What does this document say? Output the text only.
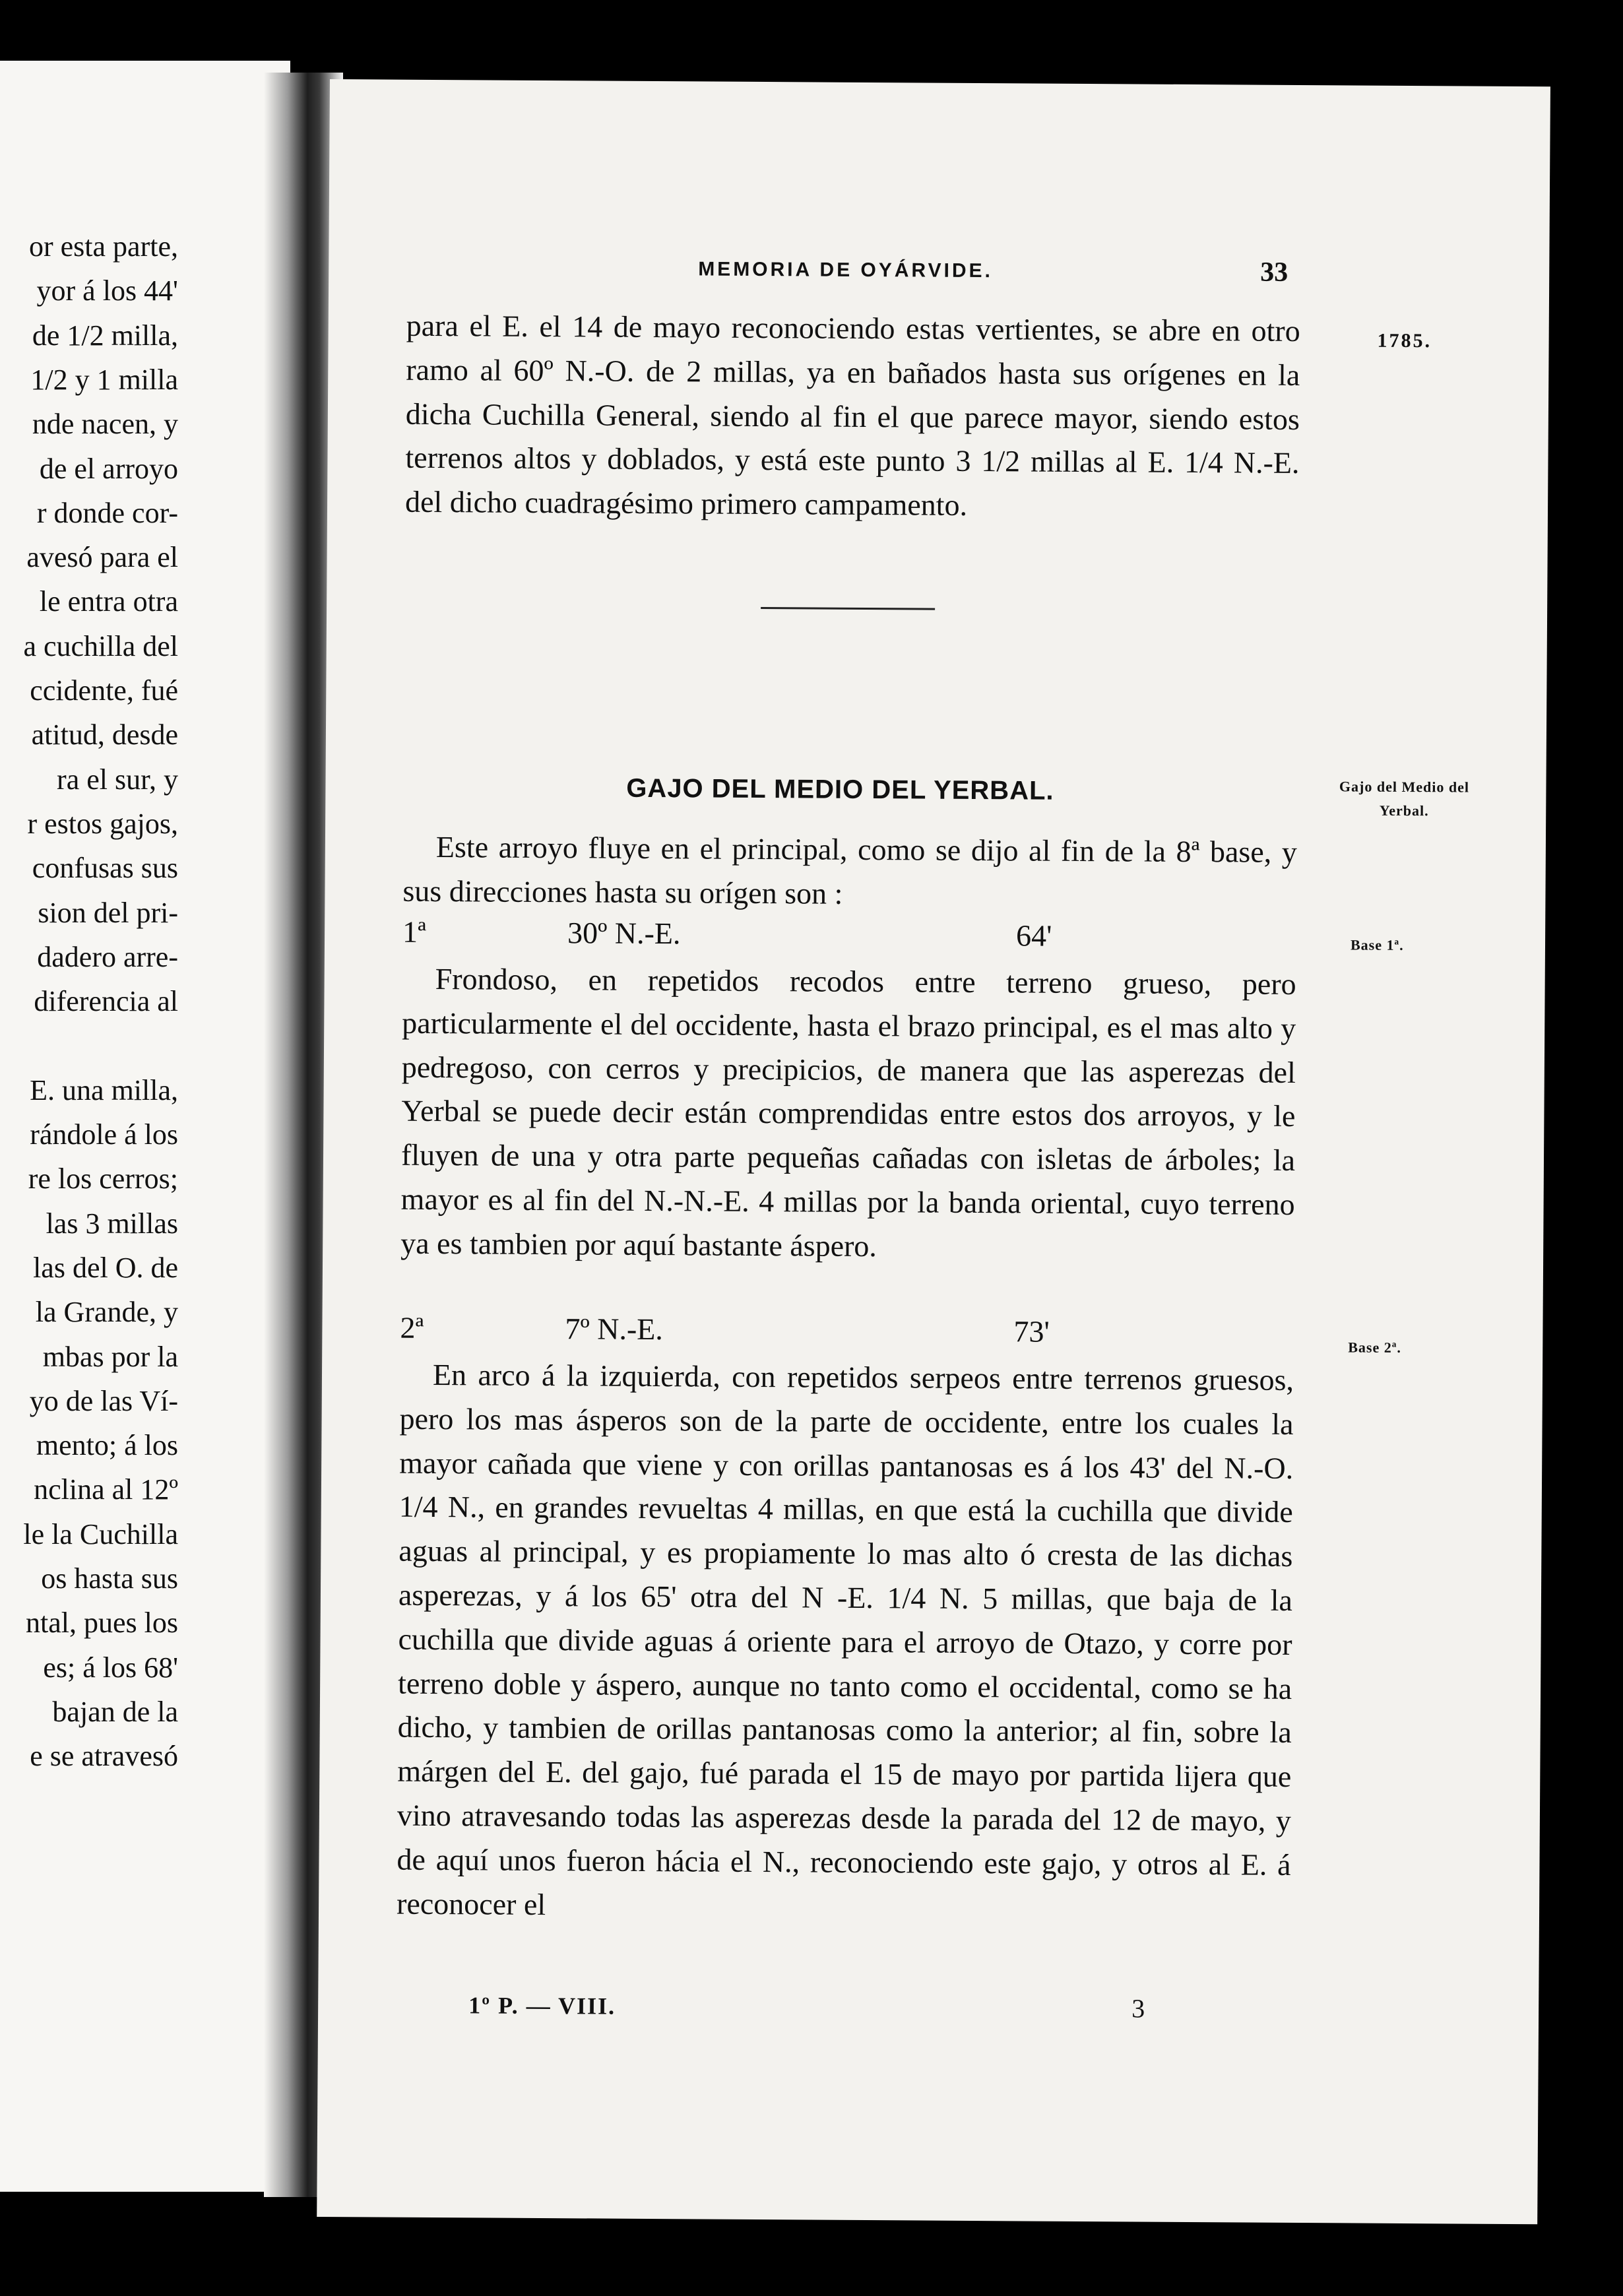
or esta parte,
yor á los 44'
de 1/2 milla,
1/2 y 1 milla
nde nacen, y
de el arroyo
r donde cor-
avesó para el
le entra otra
a cuchilla del
ccidente, fué
atitud, desde
ra el sur, y
r estos gajos,
confusas sus
sion del pri-
dadero arre-
diferencia al
E. una milla,
rándole á los
re los cerros;
las 3 millas
las del O. de
la Grande, y
mbas por la
yo de las Ví-
mento; á los
nclina al 12º
le la Cuchilla
os hasta sus
ntal, pues los
es; á los 68'
bajan de la
e se atravesó
MEMORIA DE OYÁRVIDE.	33
1785.
para el E. el 14 de mayo reconociendo estas vertientes, se abre en otro ramo al 60º N.-O. de 2 millas, ya en bañados hasta sus orígenes en la dicha Cuchilla General, siendo al fin el que parece mayor, siendo estos terrenos altos y doblados, y está este punto 3 1/2 millas al E. 1/4 N.-E. del dicho cuadragésimo primero campamento.
GAJO DEL MEDIO DEL YERBAL.	Gajo del Medio del Yerbal.

Este arroyo fluye en el principal, como se dijo al fin de la 8ª base, y sus direcciones hasta su orígen son :

1ª	30º N.-E.	64'	Base 1ª.
Frondoso, en repetidos recodos entre terreno grueso, pero particularmente el del occidente, hasta el brazo principal, es el mas alto y pedregoso, con cerros y precipicios, de manera que las asperezas del Yerbal se puede decir están comprendidas entre estos dos arroyos, y le fluyen de una y otra parte pequeñas cañadas con isletas de árboles; la mayor es al fin del N.-N.-E. 4 millas por la banda oriental, cuyo terreno ya es tambien por aquí bastante áspero.
2ª	7º N.-E.	73'	Base 2ª.
En arco á la izquierda, con repetidos serpeos entre terrenos gruesos, pero los mas ásperos son de la parte de occidente, entre los cuales la mayor cañada que viene y con orillas pantanosas es á los 43' del N.-O. 1/4 N., en grandes revueltas 4 millas, en que está la cuchilla que divide aguas al principal, y es propiamente lo mas alto ó cresta de las dichas asperezas, y á los 65' otra del N -E. 1/4 N. 5 millas, que baja de la cuchilla que divide aguas á oriente para el arroyo de Otazo, y corre por terreno doble y áspero, aunque no tanto como el occidental, como se ha dicho, y tambien de orillas pantanosas como la anterior; al fin, sobre la márgen del E. del gajo, fué parada el 15 de mayo por partida lijera que vino atravesando todas las asperezas desde la parada del 12 de mayo, y de aquí unos fueron hácia el N., reconociendo este gajo, y otros al E. á reconocer el
1º P. — VIII.	3
